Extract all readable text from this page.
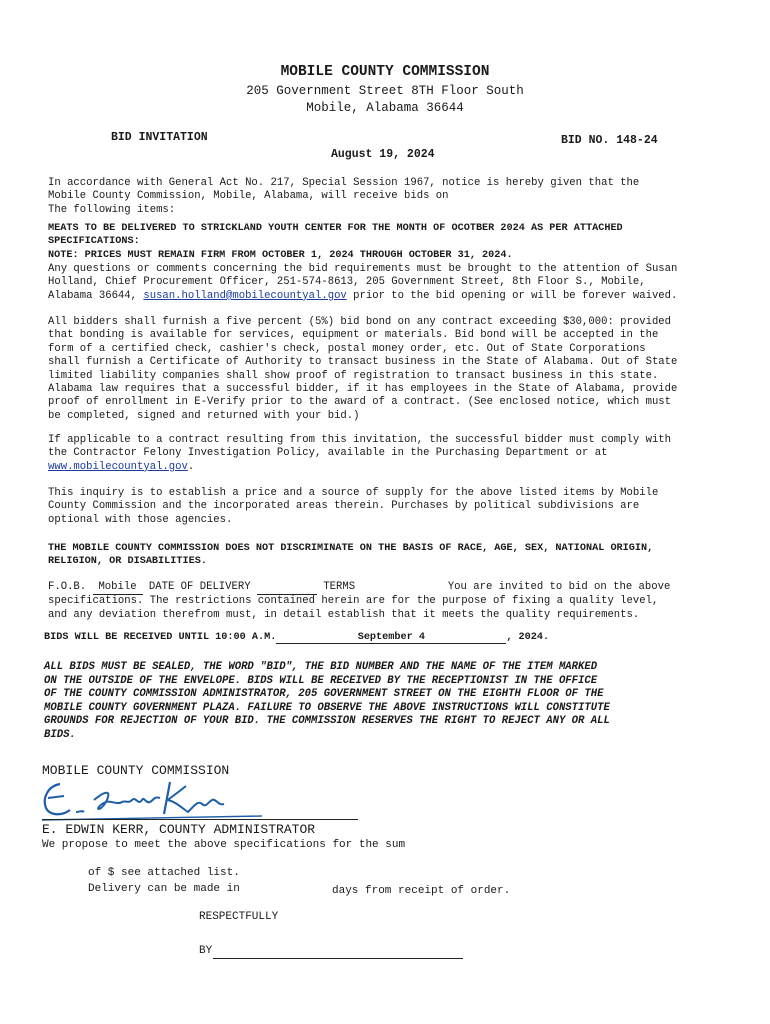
MOBILE COUNTY COMMISSION
205 Government Street 8TH Floor South
Mobile, Alabama 36644
BID INVITATION	BID NO. 148-24
August 19, 2024
In accordance with General Act No. 217, Special Session 1967, notice is hereby given that the
Mobile County Commission, Mobile, Alabama, will receive bids on
The following items:
MEATS TO BE DELIVERED TO STRICKLAND YOUTH CENTER FOR THE MONTH OF OCOTBER 2024 AS PER ATTACHED
SPECIFICATIONS:
NOTE: PRICES MUST REMAIN FIRM FROM OCTOBER 1, 2024 THROUGH OCTOBER 31, 2024.
Any questions or comments concerning the bid requirements must be brought to the attention of Susan
Holland, Chief Procurement Officer, 251-574-8613, 205 Government Street, 8th Floor S., Mobile,
Alabama 36644, susan.holland@mobilecountyal.gov prior to the bid opening or will be forever waived.
All bidders shall furnish a five percent (5%) bid bond on any contract exceeding $30,000: provided
that bonding is available for services, equipment or materials. Bid bond will be accepted in the
form of a certified check, cashier's check, postal money order, etc. Out of State Corporations
shall furnish a Certificate of Authority to transact business in the State of Alabama. Out of State
limited liability companies shall show proof of registration to transact business in this state.
Alabama law requires that a successful bidder, if it has employees in the State of Alabama, provide
proof of enrollment in E-Verify prior to the award of a contract. (See enclosed notice, which must
be completed, signed and returned with your bid.)
If applicable to a contract resulting from this invitation, the successful bidder must comply with
the Contractor Felony Investigation Policy, available in the Purchasing Department or at
www.mobilecountyal.gov.
This inquiry is to establish a price and a source of supply for the above listed items by Mobile
County Commission and the incorporated areas therein. Purchases by political subdivisions are
optional with those agencies.
THE MOBILE COUNTY COMMISSION DOES NOT DISCRIMINATE ON THE BASIS OF RACE, AGE, SEX, NATIONAL ORIGIN,
RELIGION, OR DISABILITIES.
F.O.B. Mobile DATE OF DELIVERY	TERMS	You are invited to bid on the above
specifications. The restrictions contained herein are for the purpose of fixing a quality level,
and any deviation therefrom must, in detail establish that it meets the quality requirements.
BIDS WILL BE RECEIVED UNTIL 10:00 A.M.	September 4	, 2024.
ALL BIDS MUST BE SEALED, THE WORD "BID", THE BID NUMBER AND THE NAME OF THE ITEM MARKED
ON THE OUTSIDE OF THE ENVELOPE. BIDS WILL BE RECEIVED BY THE RECEPTIONIST IN THE OFFICE
OF THE COUNTY COMMISSION ADMINISTRATOR, 205 GOVERNMENT STREET ON THE EIGHTH FLOOR OF THE
MOBILE COUNTY GOVERNMENT PLAZA. FAILURE TO OBSERVE THE ABOVE INSTRUCTIONS WILL CONSTITUTE
GROUNDS FOR REJECTION OF YOUR BID. THE COMMISSION RESERVES THE RIGHT TO REJECT ANY OR ALL
BIDS.
MOBILE COUNTY COMMISSION
E. EDWIN KERR, COUNTY ADMINISTRATOR
We propose to meet the above specifications for the sum
of $ see attached list.
Delivery can be made in	days from receipt of order.
RESPECTFULLY
BY
